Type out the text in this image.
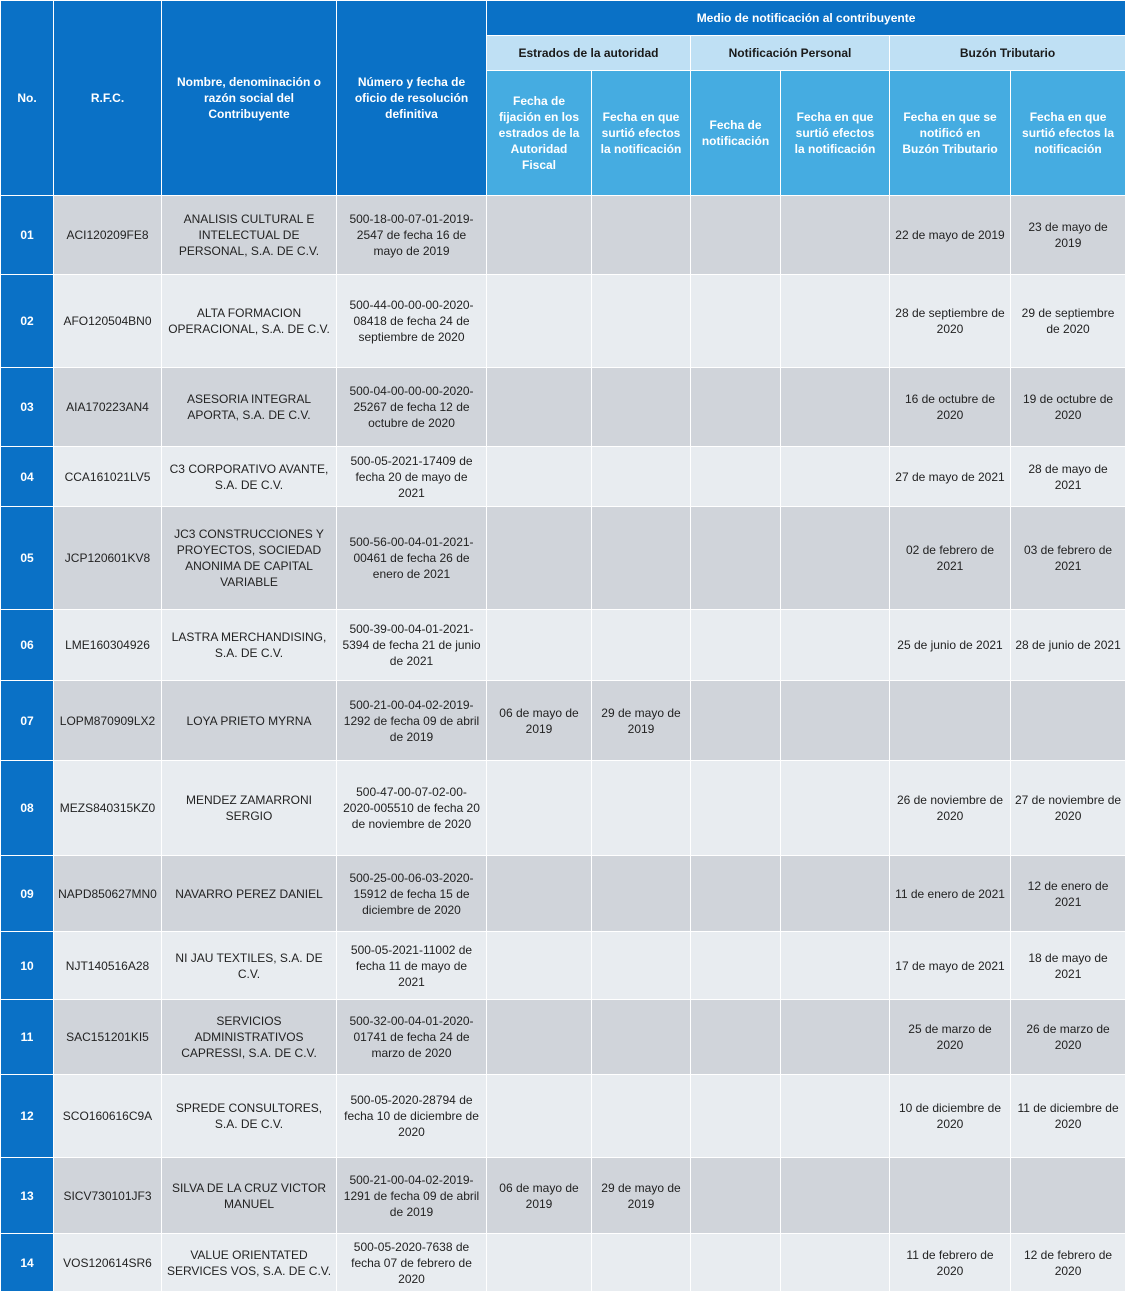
No.	R.F.C.	Nombre, denominación o razón social del Contribuyente	Número y fecha de oficio de resolución definitiva	Medio de notificación al contribuyente					
				Estrados de la autoridad		Notificación Personal		Buzón Tributario	
				Fecha de fijación en los estrados de la Autoridad Fiscal	Fecha en que surtió efectos la notificación	Fecha de notificación	Fecha en que surtió efectos la notificación	Fecha en que se notificó en Buzón Tributario	Fecha en que surtió efectos la notificación
01	ACI120209FE8	ANALISIS CULTURAL E INTELECTUAL DE PERSONAL, S.A. DE C.V.	500-18-00-07-01-2019-2547 de fecha 16 de mayo de 2019					22 de mayo de 2019	23 de mayo de 2019
02	AFO120504BN0	ALTA FORMACION OPERACIONAL, S.A. DE C.V.	500-44-00-00-00-2020-08418 de fecha 24 de septiembre de 2020					28 de septiembre de 2020	29 de septiembre de 2020
03	AIA170223AN4	ASESORIA INTEGRAL APORTA, S.A. DE C.V.	500-04-00-00-00-2020-25267 de fecha 12 de octubre de 2020					16 de octubre de 2020	19 de octubre de 2020
04	CCA161021LV5	C3 CORPORATIVO AVANTE, S.A. DE C.V.	500-05-2021-17409 de fecha 20 de mayo de 2021					27 de mayo de 2021	28 de mayo de 2021
05	JCP120601KV8	JC3 CONSTRUCCIONES Y PROYECTOS, SOCIEDAD ANONIMA DE CAPITAL VARIABLE	500-56-00-04-01-2021-00461 de fecha 26 de enero de 2021					02 de febrero de 2021	03 de febrero de 2021
06	LME160304926	LASTRA MERCHANDISING, S.A. DE C.V.	500-39-00-04-01-2021-5394 de fecha 21 de junio de 2021					25 de junio de 2021	28 de junio de 2021
07	LOPM870909LX2	LOYA PRIETO MYRNA	500-21-00-04-02-2019-1292 de fecha 09 de abril de 2019	06 de mayo de 2019	29 de mayo de 2019				
08	MEZS840315KZ0	MENDEZ ZAMARRONI SERGIO	500-47-00-07-02-00-2020-005510 de fecha 20 de noviembre de 2020					26 de noviembre de 2020	27 de noviembre de 2020
09	NAPD850627MN0	NAVARRO PEREZ DANIEL	500-25-00-06-03-2020-15912 de fecha 15 de diciembre de 2020					11 de enero de 2021	12 de enero de 2021
10	NJT140516A28	NI JAU TEXTILES, S.A. DE C.V.	500-05-2021-11002 de fecha 11 de mayo de 2021					17 de mayo de 2021	18 de mayo de 2021
11	SAC151201KI5	SERVICIOS ADMINISTRATIVOS CAPRESSI, S.A. DE C.V.	500-32-00-04-01-2020-01741 de fecha 24 de marzo de 2020					25 de marzo de 2020	26 de marzo de 2020
12	SCO160616C9A	SPREDE CONSULTORES, S.A. DE C.V.	500-05-2020-28794 de fecha 10 de diciembre de 2020					10 de diciembre de 2020	11 de diciembre de 2020
13	SICV730101JF3	SILVA DE LA CRUZ VICTOR MANUEL	500-21-00-04-02-2019-1291 de fecha 09 de abril de 2019	06 de mayo de 2019	29 de mayo de 2019				
14	VOS120614SR6	VALUE ORIENTATED SERVICES VOS, S.A. DE C.V.	500-05-2020-7638 de fecha 07 de febrero de 2020					11 de febrero de 2020	12 de febrero de 2020
